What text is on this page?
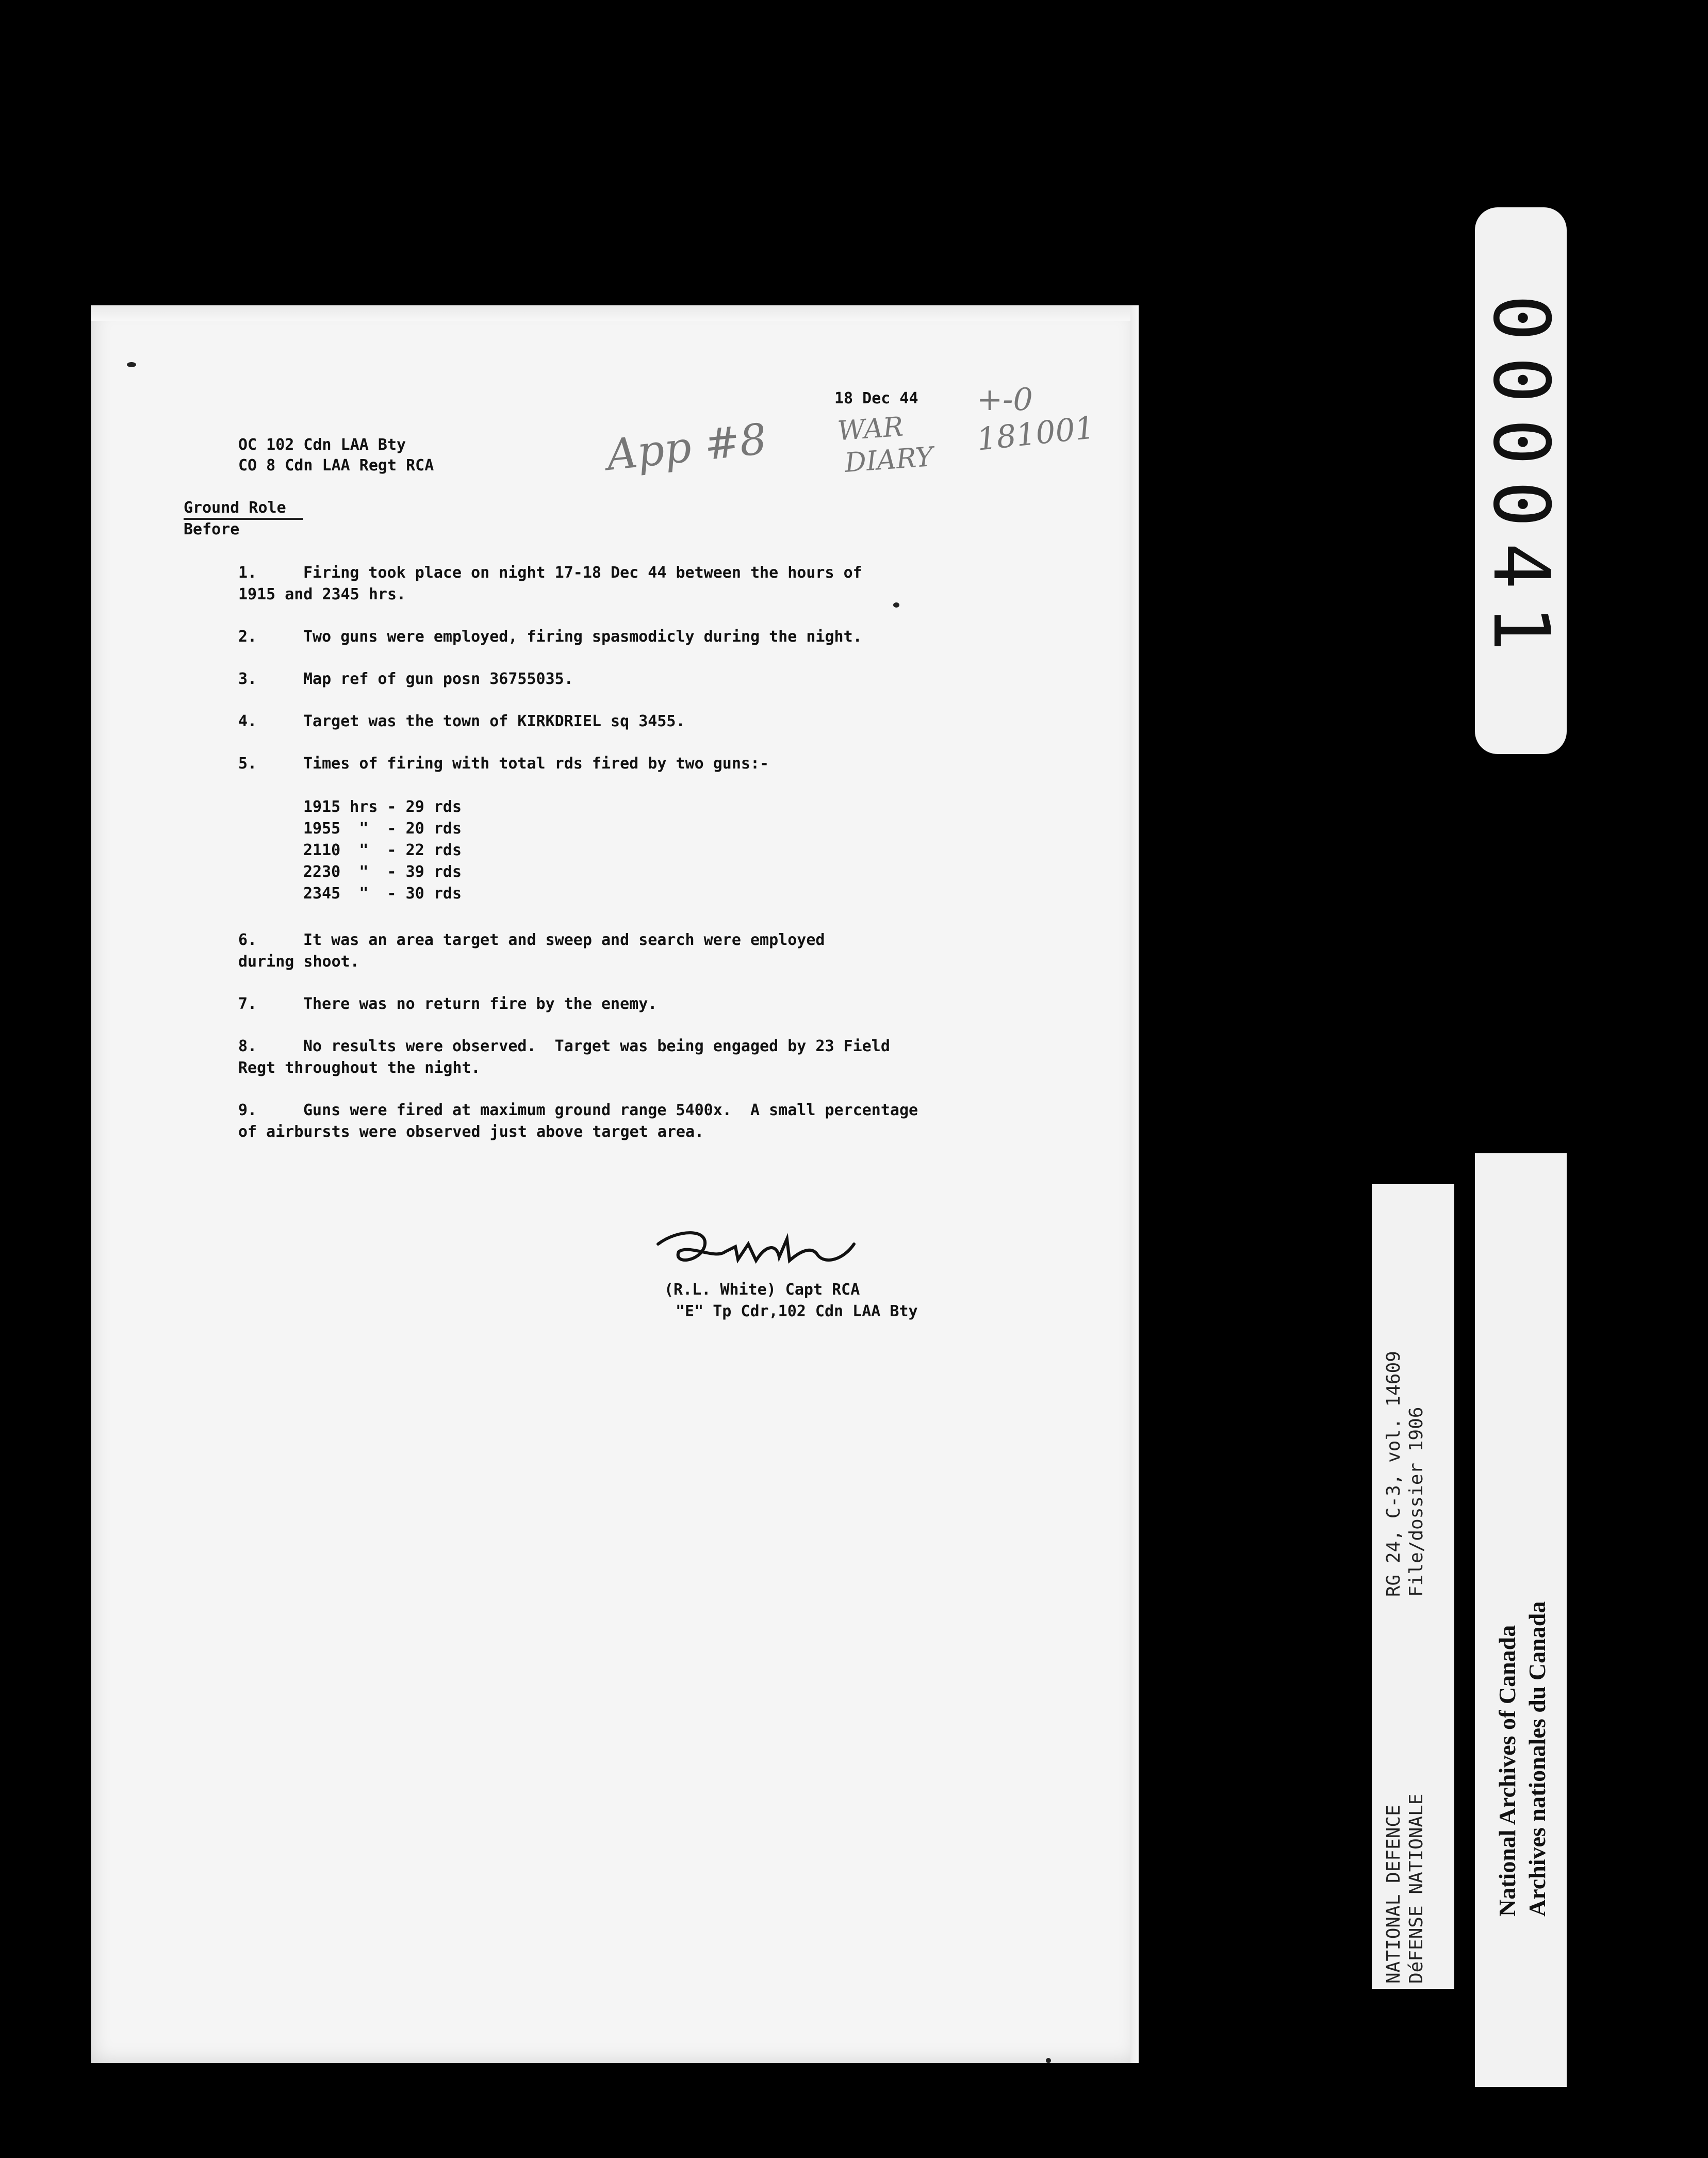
18 Dec 44
OC 102 Cdn LAA Bty
CO 8 Cdn LAA Regt RCA
Ground Role
Before
1.	Firing took place on night 17-18 Dec 44 between the hours of
1915 and 2345 hrs.
2.	Two guns were employed, firing spasmodicly during the night.
3.	Map ref of gun posn 36755035.
4.	Target was the town of KIRKDRIEL sq 3455.
5.	Times of firing with total rds fired by two guns:-
1915 hrs - 29 rds
1955  "  - 20 rds
2110  "  - 22 rds
2230  "  - 39 rds
2345  "  - 30 rds
6.	It was an area target and sweep and search were employed
during shoot.
7.	There was no return fire by the enemy.
8.	No results were observed.  Target was being engaged by 23 Field
Regt throughout the night.
9.	Guns were fired at maximum ground range 5400x.  A small percentage
of airbursts were observed just above target area.
(R.L. White) Capt RCA
"E" Tp Cdr,102 Cdn LAA Bty
App #8	WAR
DIARY
+-0
181001	000041
RG 24, C-3, vol. 14609 File/dossier 1906
NATIONAL DEFENCE DéFENSE NATIONALE	National Archives of Canada Archives nationales du Canada
